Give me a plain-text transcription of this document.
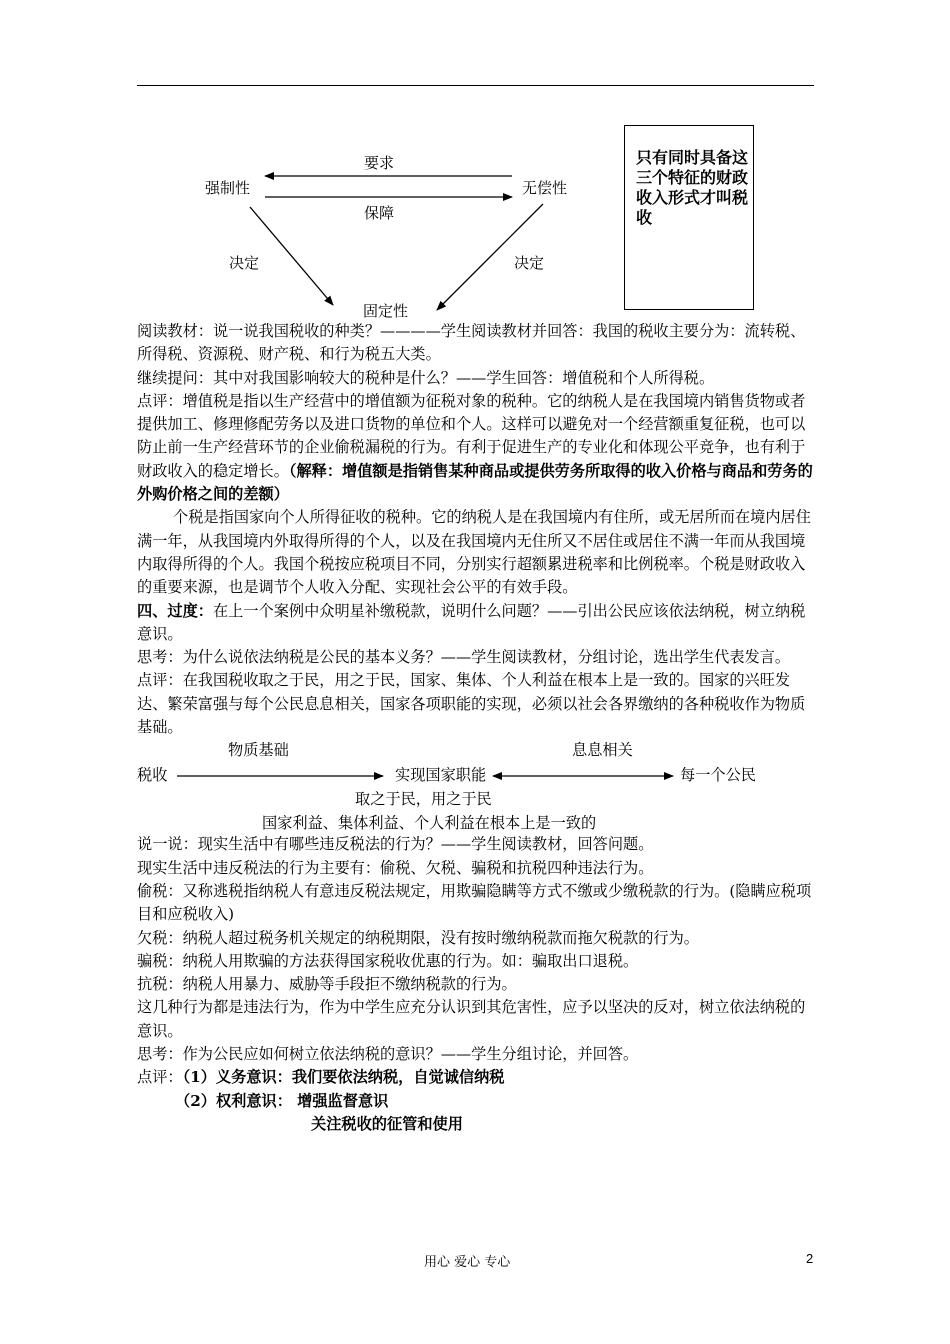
强制性	无偿性
固定性
要求
保障
决定	决定
只有同时具备这三个特征的财政收入形式才叫税收

阅读教材：说一说我国税收的种类？————学生阅读教材并回答：我国的税收主要分为：流转税、所得税、资源税、财产税、和行为税五大类。

继续提问：其中对我国影响较大的税种是什么？——学生回答：增值税和个人所得税。

点评：增值税是指以生产经营中的增值额为征税对象的税种。它的纳税人是在我国境内销售货物或者提供加工、修理修配劳务以及进口货物的单位和个人。这样可以避免对一个经营额重复征税，也可以防止前一生产经营环节的企业偷税漏税的行为。有利于促进生产的专业化和体现公平竞争，也有利于财政收入的稳定增长。（解释：增值额是指销售某种商品或提供劳务所取得的收入价格与商品和劳务的外购价格之间的差额）

个税是指国家向个人所得征收的税种。它的纳税人是在我国境内有住所，或无居所而在境内居住满一年，从我国境内外取得所得的个人，以及在我国境内无住所又不居住或居住不满一年而从我国境内取得所得的个人。我国个税按应税项目不同，分别实行超额累进税率和比例税率。个税是财政收入的重要来源，也是调节个人收入分配、实现社会公平的有效手段。

四、过度：在上一个案例中众明星补缴税款，说明什么问题？——引出公民应该依法纳税，树立纳税意识。

思考：为什么说依法纳税是公民的基本义务？——学生阅读教材，分组讨论，选出学生代表发言。

点评：在我国税收取之于民，用之于民，国家、集体、个人利益在根本上是一致的。国家的兴旺发达、繁荣富强与每个公民息息相关，国家各项职能的实现，必须以社会各界缴纳的各种税收作为物质基础。

物质基础	息息相关
税收	实现国家职能	每一个公民
取之于民，用之于民
国家利益、集体利益、个人利益在根本上是一致的

说一说：现实生活中有哪些违反税法的行为？——学生阅读教材，回答问题。

现实生活中违反税法的行为主要有：偷税、欠税、骗税和抗税四种违法行为。

偷税：又称逃税指纳税人有意违反税法规定，用欺骗隐瞒等方式不缴或少缴税款的行为。(隐瞒应税项目和应税收入)

欠税：纳税人超过税务机关规定的纳税期限，没有按时缴纳税款而拖欠税款的行为。

骗税：纳税人用欺骗的方法获得国家税收优惠的行为。如：骗取出口退税。

抗税：纳税人用暴力、威胁等手段拒不缴纳税款的行为。

这几种行为都是违法行为，作为中学生应充分认识到其危害性，应予以坚决的反对，树立依法纳税的意识。

思考：作为公民应如何树立依法纳税的意识？——学生分组讨论，并回答。

点评：（1）义务意识：我们要依法纳税，自觉诚信纳税

（2）权利意识： 增强监督意识

关注税收的征管和使用

用心 爱心 专心	2
